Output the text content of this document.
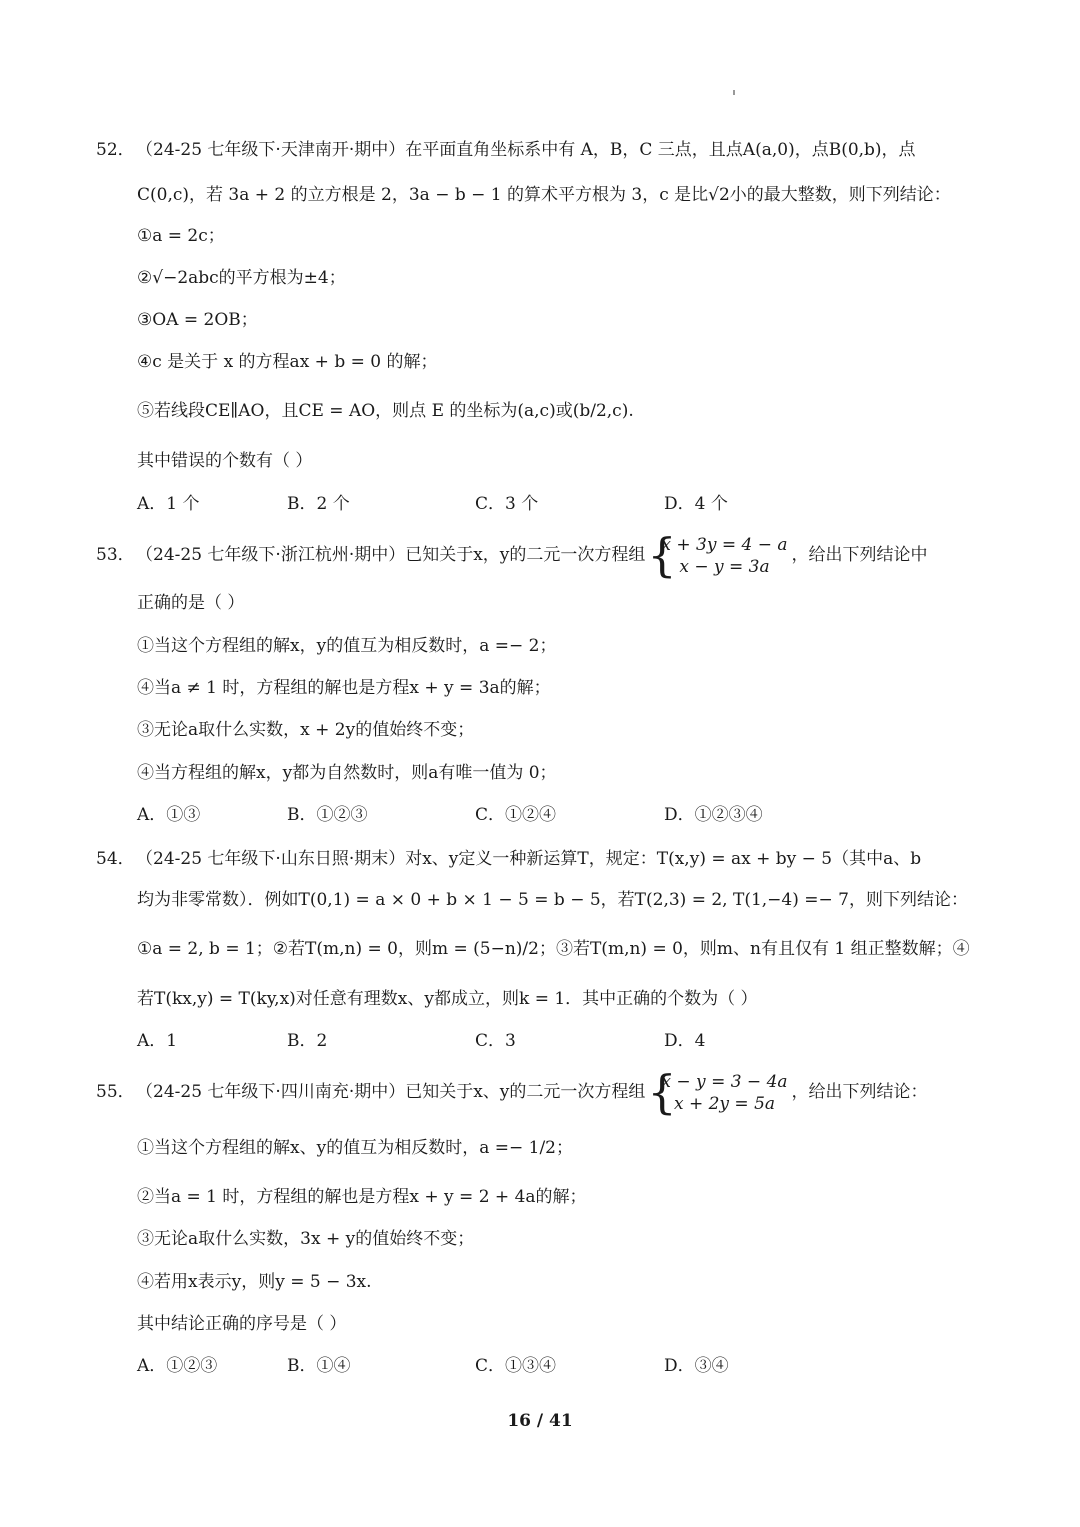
52．（24-25 七年级下·天津南开·期中）在平面直角坐标系中有 A，B，C 三点，且点A(a,0)，点B(0,b)，点
C(0,c)，若 3a + 2 的立方根是 2，3a − b − 1 的算术平方根为 3，c 是比√2小的最大整数，则下列结论：
①a = 2c；
②√−2abc的平方根为±4；
③OA = 2OB；
④c 是关于 x 的方程ax + b = 0 的解；
⑤若线段CE∥AO，且CE = AO，则点 E 的坐标为(a,c)或(b/2,c).
其中错误的个数有（ ）
A．1 个	B．2 个	C．3 个	D．4 个
53．（24-25 七年级下·浙江杭州·期中）已知关于x，y的二元一次方程组
{ x + 3y = 4 − a
x − y = 3a
，给出下列结论中
正确的是（ ）
①当这个方程组的解x，y的值互为相反数时，a =− 2；
④当a ≠ 1 时，方程组的解也是方程x + y = 3a的解；
③无论a取什么实数，x + 2y的值始终不变；
④当方程组的解x，y都为自然数时，则a有唯一值为 0；
A．①③	B．①②③	C．①②④	D．①②③④
54．（24-25 七年级下·山东日照·期末）对x、y定义一种新运算T，规定：T(x,y) = ax + by − 5（其中a、b
均为非零常数）．例如T(0,1) = a × 0 + b × 1 − 5 = b − 5，若T(2,3) = 2, T(1,−4) =− 7，则下列结论：
①a = 2, b = 1；②若T(m,n) = 0，则m = (5−n)/2；③若T(m,n) = 0，则m、n有且仅有 1 组正整数解；④
若T(kx,y) = T(ky,x)对任意有理数x、y都成立，则k = 1．其中正确的个数为（ ）
A．1	B．2	C．3	D．4
55．（24-25 七年级下·四川南充·期中）已知关于x、y的二元一次方程组
{ x − y = 3 − 4a
x + 2y = 5a
，给出下列结论：
①当这个方程组的解x、y的值互为相反数时，a =− 1/2；
②当a = 1 时，方程组的解也是方程x + y = 2 + 4a的解；
③无论a取什么实数，3x + y的值始终不变；
④若用x表示y，则y = 5 − 3x.
其中结论正确的序号是（ ）
A．①②③	B．①④	C．①③④	D．③④
16 / 41
